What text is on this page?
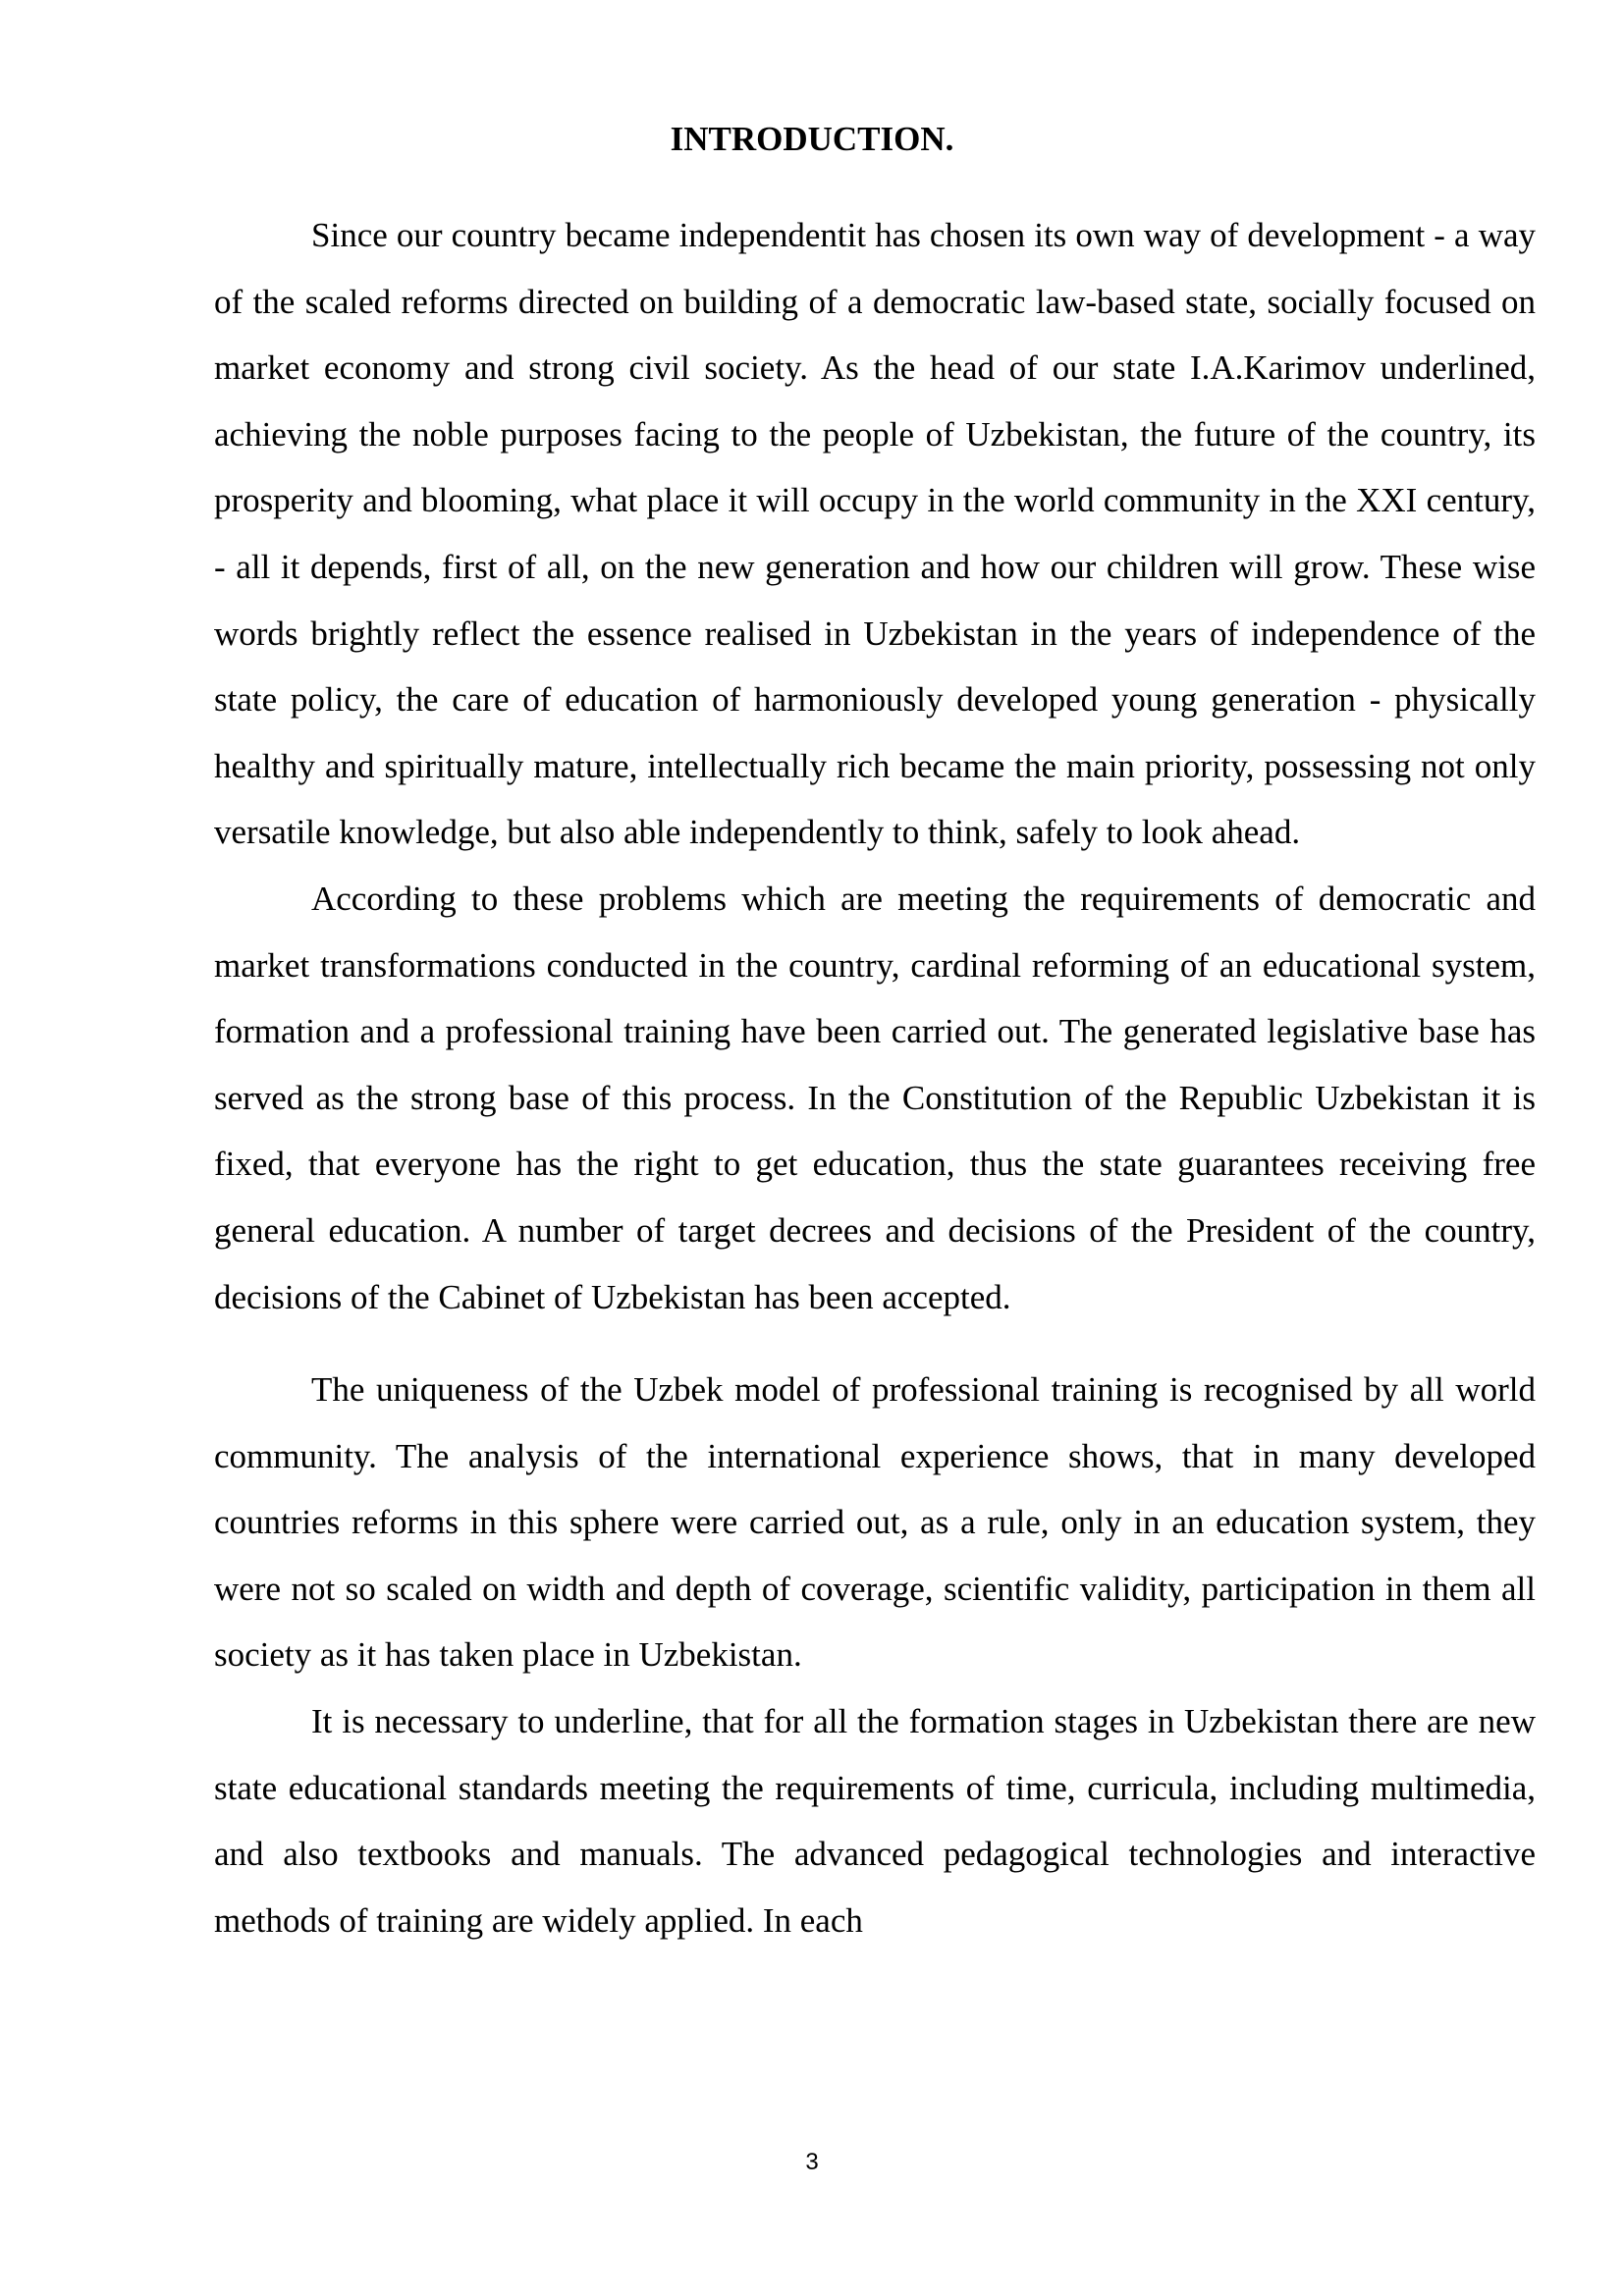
INTRODUCTION.

Since our country became independentit has chosen its own way of development - a way of the scaled reforms directed on building of a democratic law-based state, socially focused on market economy and strong civil society. As the head of our state I.A.Karimov underlined, achieving the noble purposes facing to the people of Uzbekistan, the future of the country, its prosperity and blooming, what place it will occupy in the world community in the XXI century, - all it depends, first of all, on the new generation and how our children will grow. These wise words brightly reflect the essence realised in Uzbekistan in the years of independence of the state policy, the care of education of harmoniously developed young generation - physically healthy and spiritually mature, intellectually rich became the main priority, possessing not only versatile knowledge, but also able independently to think, safely to look ahead.

According to these problems which are meeting the requirements of democratic and market transformations conducted in the country, cardinal reforming of an educational system, formation and a professional training have been carried out. The generated legislative base has served as the strong base of this process. In the Constitution of the Republic Uzbekistan it is fixed, that everyone has the right to get education, thus the state guarantees receiving free general education. A number of target decrees and decisions of the President of the country, decisions of the Cabinet of Uzbekistan has been accepted.

The uniqueness of the Uzbek model of professional training is recognised by all world community. The analysis of the international experience shows, that in many developed countries reforms in this sphere were carried out, as a rule, only in an education system, they were not so scaled on width and depth of coverage, scientific validity, participation in them all society as it has taken place in Uzbekistan.

It is necessary to underline, that for all the formation stages in Uzbekistan there are new state educational standards meeting the requirements of time, curricula, including multimedia, and also textbooks and manuals. The advanced pedagogical technologies and interactive methods of training are widely applied. In each

3
